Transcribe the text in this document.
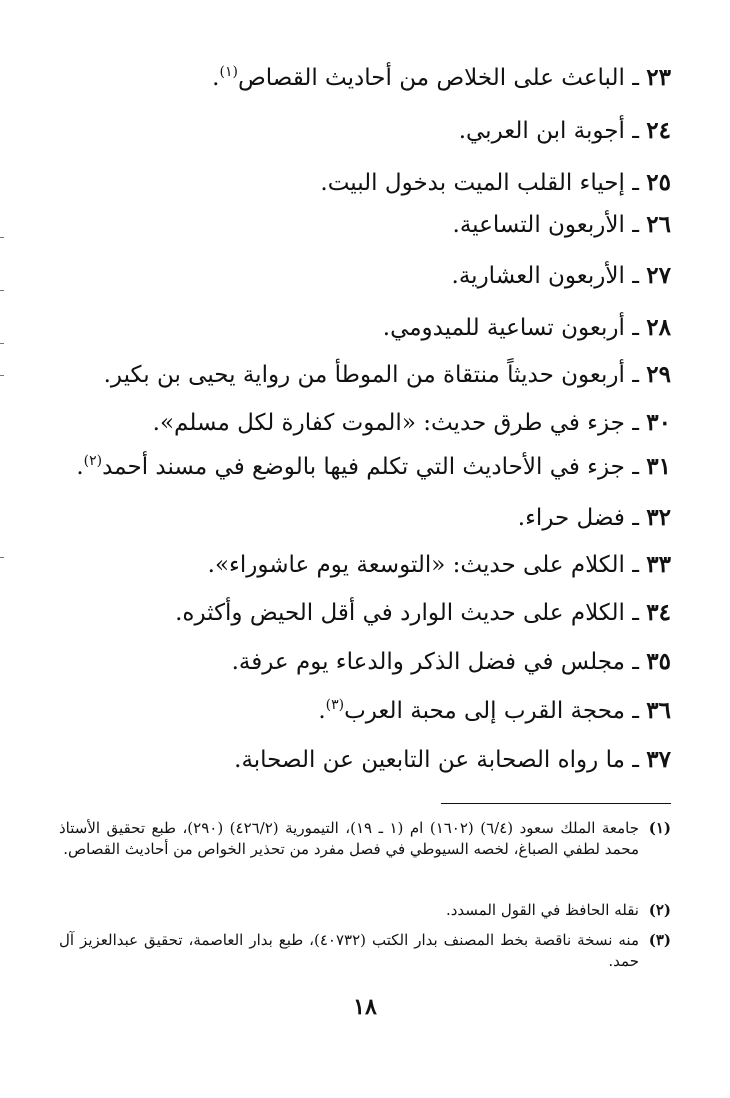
٢٣ ـ الباعث على الخلاص من أحاديث القصاص$^{(١)}$.
٢٤ ـ أجوبة ابن العربي.
٢٥ ـ إحياء القلب الميت بدخول البيت.
٢٦ ـ الأربعون التساعية.
٢٧ ـ الأربعون العشارية.
٢٨ ـ أربعون تساعية للميدومي.
٢٩ ـ أربعون حديثاً منتقاة من الموطأ من رواية يحيى بن بكير.
٣٠ ـ جزء في طرق حديث: «الموت كفارة لكل مسلم».
٣١ ـ جزء في الأحاديث التي تكلم فيها بالوضع في مسند أحمد$^{(٢)}$.
٣٢ ـ فضل حراء.
٣٣ ـ الكلام على حديث: «التوسعة يوم عاشوراء».
٣٤ ـ الكلام على حديث الوارد في أقل الحيض وأكثره.
٣٥ ـ مجلس في فضل الذكر والدعاء يوم عرفة.
٣٦ ـ محجة القرب إلى محبة العرب$^{(٣)}$.
٣٧ ـ ما رواه الصحابة عن التابعين عن الصحابة.
(١)
جامعة الملك سعود (٦/٤) (١٦٠٢) ام (١ ـ ١٩)، التيمورية (٤٢٦/٢) (٢٩٠)، طبع تحقيق الأستاذ محمد لطفي الصباغ، لخصه السيوطي في فصل مفرد من تحذير الخواص من أحاديث القصاص.
(٢)
نقله الحافظ في القول المسدد.
(٣)
منه نسخة ناقصة بخط المصنف بدار الكتب (٤٠٧٣٢)، طبع بدار العاصمة، تحقيق عبدالعزيز آل حمد.
١٨
